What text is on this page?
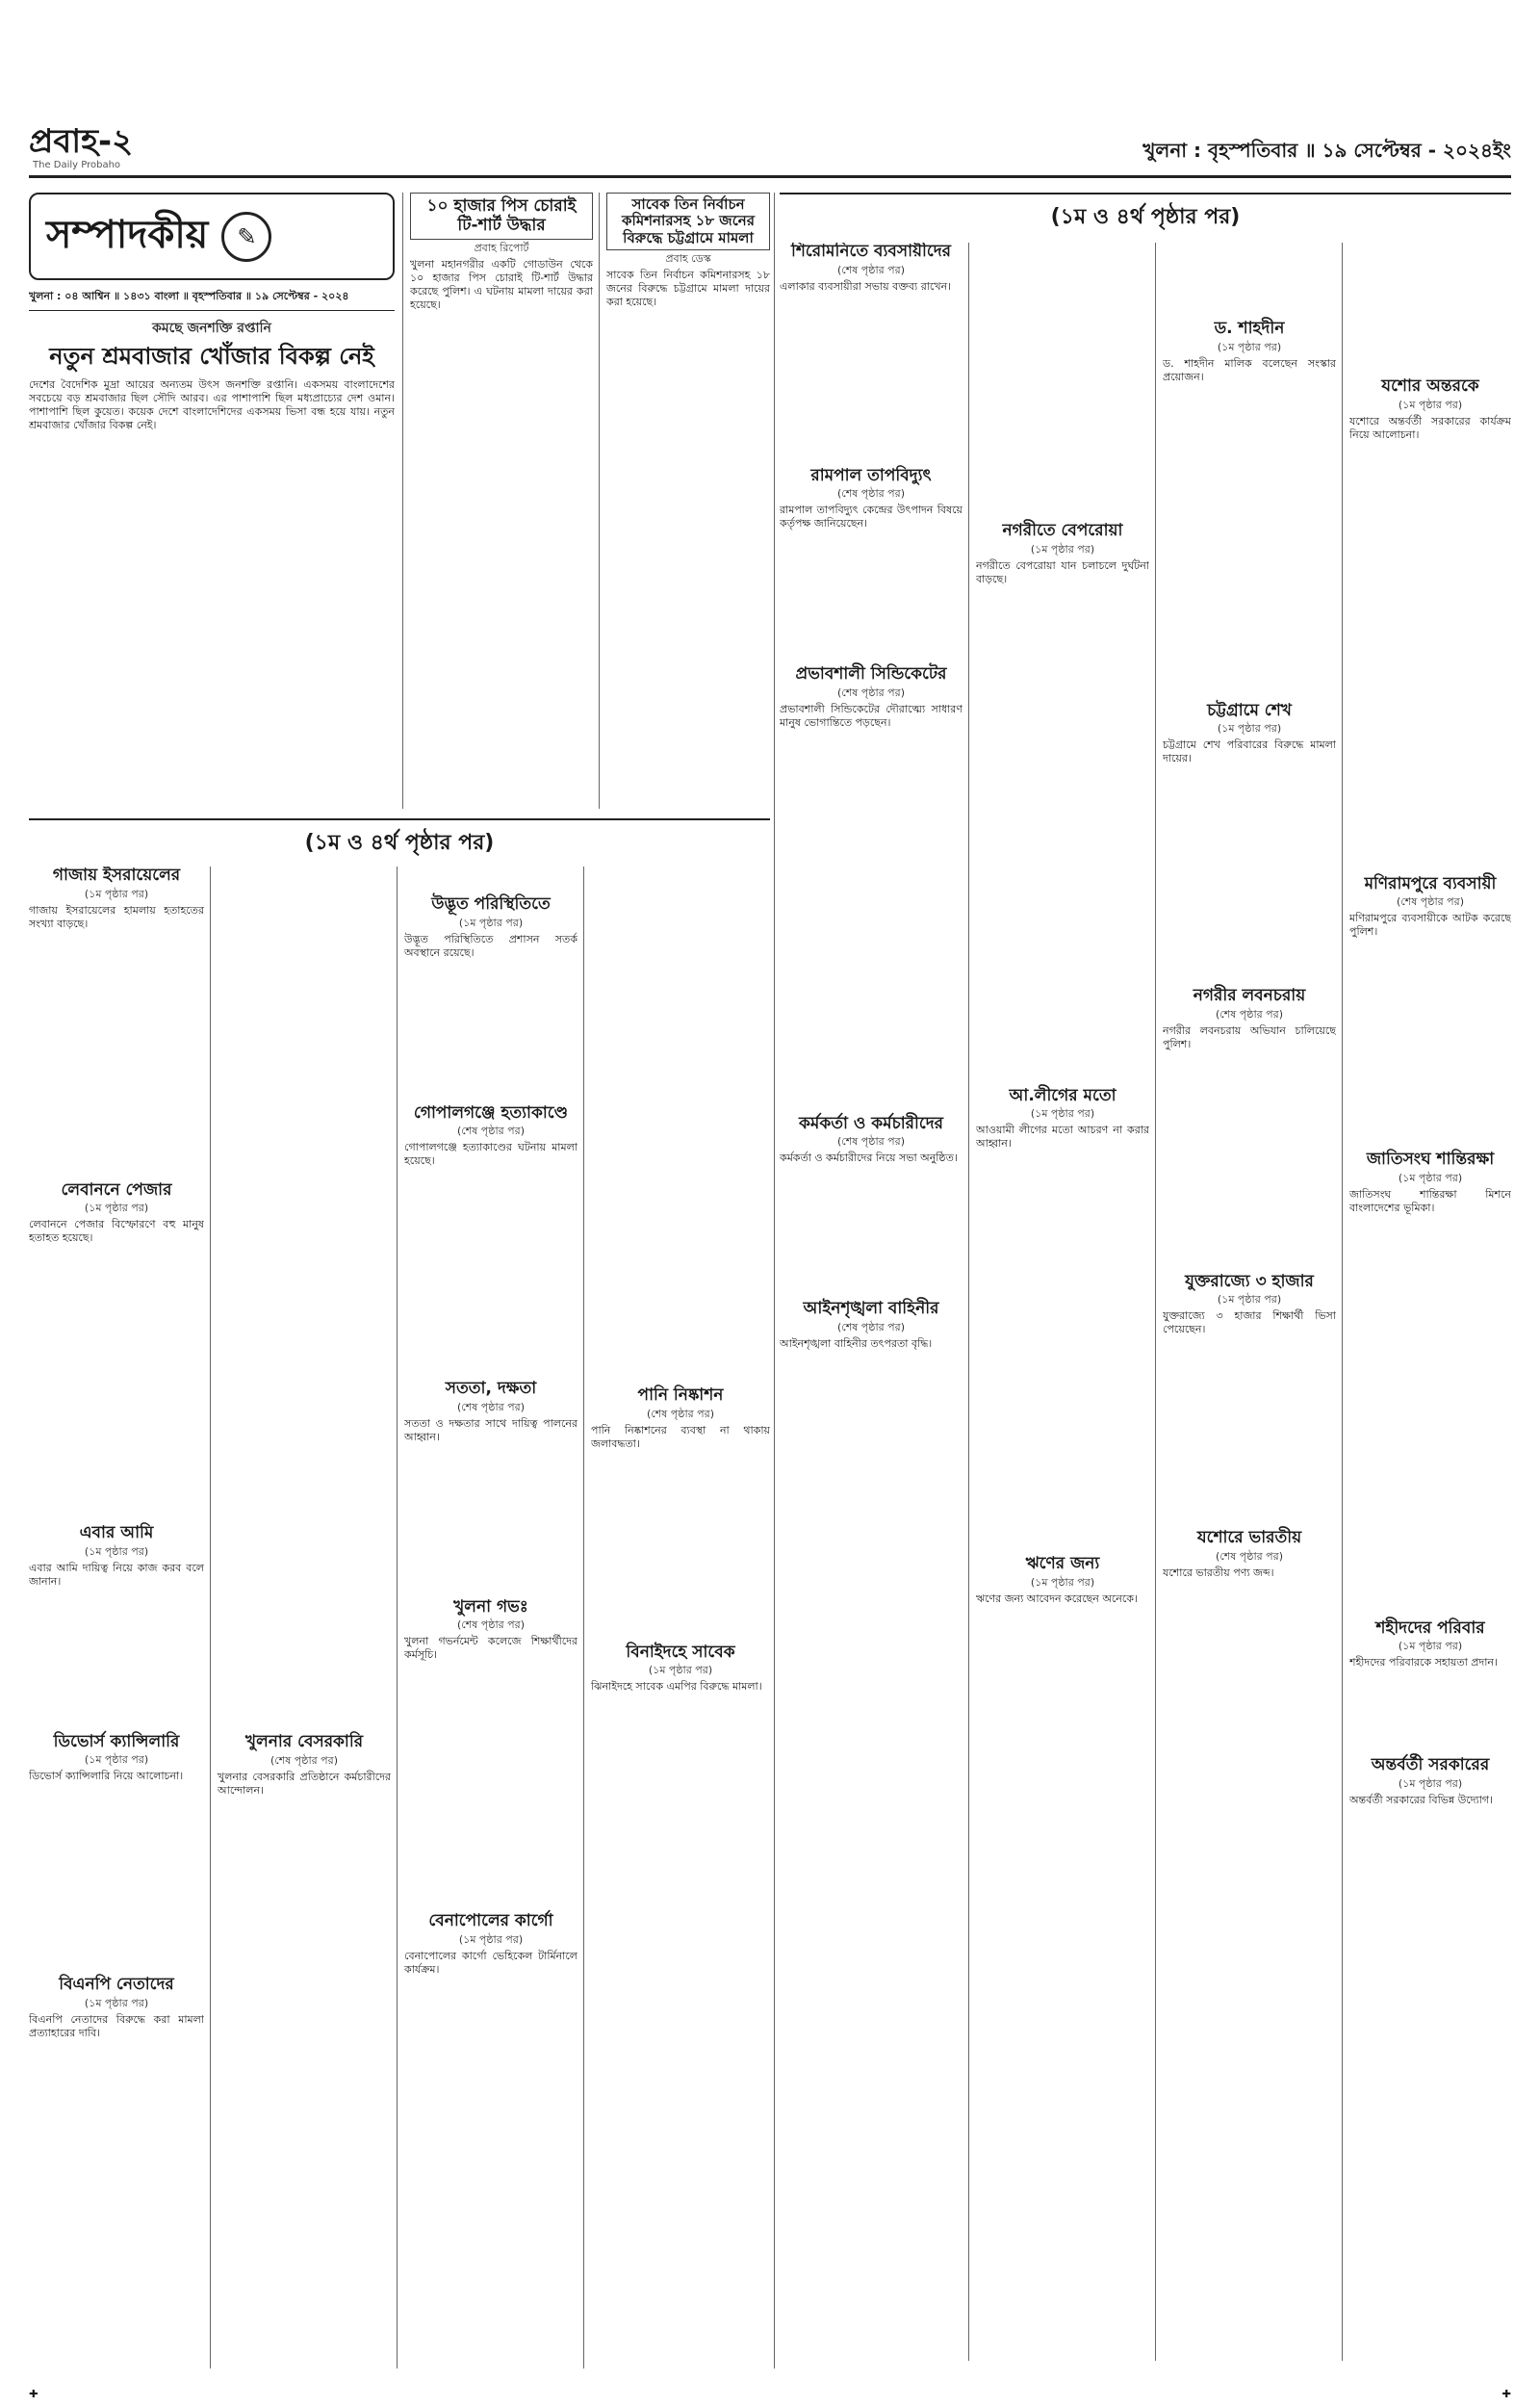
প্রবাহ-২
The Daily Probaho
খুলনা : বৃহস্পতিবার ॥ ১৯ সেপ্টেম্বর - ২০২৪ইং
(১ম ও ৪র্থ পৃষ্ঠার পর)
সম্পাদকীয়	✎
খুলনা : ০৪ আশ্বিন ॥ ১৪৩১ বাংলা ॥ বৃহস্পতিবার ॥ ১৯ সেপ্টেম্বর - ২০২৪
কমছে জনশক্তি রপ্তানি
নতুন শ্রমবাজার খোঁজার বিকল্প নেই
দেশের বৈদেশিক মুদ্রা আয়ের অন্যতম উৎস জনশক্তি রপ্তানি। একসময় বাংলাদেশের সবচেয়ে বড় শ্রমবাজার ছিল সৌদি আরব। এর পাশাপাশি ছিল মধ্যপ্রাচ্যের দেশ ওমান। পাশাপাশি ছিল কুয়েত। কয়েক দেশে বাংলাদেশিদের একসময় ভিসা বন্ধ হয়ে যায়। নতুন শ্রমবাজার খোঁজার বিকল্প নেই।
১০ হাজার পিস চোরাই টি-শার্ট উদ্ধার
প্রবাহ রিপোর্ট
খুলনা মহানগরীর একটি গোডাউন থেকে ১০ হাজার পিস চোরাই টি-শার্ট উদ্ধার করেছে পুলিশ। এ ঘটনায় মামলা দায়ের করা হয়েছে।
সাবেক তিন নির্বাচন কমিশনারসহ ১৮ জনের বিরুদ্ধে চট্টগ্রামে মামলা
প্রবাহ ডেস্ক
সাবেক তিন নির্বাচন কমিশনারসহ ১৮ জনের বিরুদ্ধে চট্টগ্রামে মামলা দায়ের করা হয়েছে।
শিরোমনিতে ব্যবসায়ীদের
(শেষ পৃষ্ঠার পর)
এলাকার ব্যবসায়ীরা সভায় বক্তব্য রাখেন।
রামপাল তাপবিদ্যুৎ
(শেষ পৃষ্ঠার পর)
রামপাল তাপবিদ্যুৎ কেন্দ্রের উৎপাদন বিষয়ে কর্তৃপক্ষ জানিয়েছেন।
প্রভাবশালী সিন্ডিকেটের
(শেষ পৃষ্ঠার পর)
প্রভাবশালী সিন্ডিকেটের দৌরাত্ম্যে সাধারণ মানুষ ভোগান্তিতে পড়ছেন।
কর্মকর্তা ও কর্মচারীদের
(শেষ পৃষ্ঠার পর)
কর্মকর্তা ও কর্মচারীদের নিয়ে সভা অনুষ্ঠিত।
আইনশৃঙ্খলা বাহিনীর
(শেষ পৃষ্ঠার পর)
আইনশৃঙ্খলা বাহিনীর তৎপরতা বৃদ্ধি।
নগরীতে বেপরোয়া
(১ম পৃষ্ঠার পর)
নগরীতে বেপরোয়া যান চলাচলে দুর্ঘটনা বাড়ছে।
আ.লীগের মতো
(১ম পৃষ্ঠার পর)
আওয়ামী লীগের মতো আচরণ না করার আহ্বান।
ঋণের জন্য
(১ম পৃষ্ঠার পর)
ঋণের জন্য আবেদন করেছেন অনেকে।
ড. শাহদীন
(১ম পৃষ্ঠার পর)
ড. শাহদীন মালিক বলেছেন সংস্কার প্রয়োজন।
চট্টগ্রামে শেখ
(১ম পৃষ্ঠার পর)
চট্টগ্রামে শেখ পরিবারের বিরুদ্ধে মামলা দায়ের।
নগরীর লবনচরায়
(শেষ পৃষ্ঠার পর)
নগরীর লবনচরায় অভিযান চালিয়েছে পুলিশ।
যুক্তরাজ্যে ৩ হাজার
(১ম পৃষ্ঠার পর)
যুক্তরাজ্যে ৩ হাজার শিক্ষার্থী ভিসা পেয়েছেন।
যশোরে ভারতীয়
(শেষ পৃষ্ঠার পর)
যশোরে ভারতীয় পণ্য জব্দ।
যশোর অন্তরকে
(১ম পৃষ্ঠার পর)
যশোরে অন্তর্বর্তী সরকারের কার্যক্রম নিয়ে আলোচনা।
মণিরামপুরে ব্যবসায়ী
(শেষ পৃষ্ঠার পর)
মণিরামপুরে ব্যবসায়ীকে আটক করেছে পুলিশ।
জাতিসংঘ শান্তিরক্ষা
(১ম পৃষ্ঠার পর)
জাতিসংঘ শান্তিরক্ষা মিশনে বাংলাদেশের ভূমিকা।
শহীদদের পরিবার
(১ম পৃষ্ঠার পর)
শহীদদের পরিবারকে সহায়তা প্রদান।
অন্তর্বর্তী সরকারের
(১ম পৃষ্ঠার পর)
অন্তর্বর্তী সরকারের বিভিন্ন উদ্যোগ।
(১ম ও ৪র্থ পৃষ্ঠার পর)
গাজায় ইসরায়েলের
(১ম পৃষ্ঠার পর)
গাজায় ইসরায়েলের হামলায় হতাহতের সংখ্যা বাড়ছে।
লেবাননে পেজার
(১ম পৃষ্ঠার পর)
লেবাননে পেজার বিস্ফোরণে বহু মানুষ হতাহত হয়েছে।
এবার আমি
(১ম পৃষ্ঠার পর)
এবার আমি দায়িত্ব নিয়ে কাজ করব বলে জানান।
ডিভোর্স ক্যান্সিলারি
(১ম পৃষ্ঠার পর)
ডিভোর্স ক্যান্সিলারি নিয়ে আলোচনা।
বিএনপি নেতাদের
(১ম পৃষ্ঠার পর)
বিএনপি নেতাদের বিরুদ্ধে করা মামলা প্রত্যাহারের দাবি।
খুলনার বেসরকারি
(শেষ পৃষ্ঠার পর)
খুলনার বেসরকারি প্রতিষ্ঠানে কর্মচারীদের আন্দোলন।
উদ্ভূত পরিস্থিতিতে
(১ম পৃষ্ঠার পর)
উদ্ভূত পরিস্থিতিতে প্রশাসন সতর্ক অবস্থানে রয়েছে।
গোপালগঞ্জে হত্যাকাণ্ডে
(শেষ পৃষ্ঠার পর)
গোপালগঞ্জে হত্যাকাণ্ডের ঘটনায় মামলা হয়েছে।
সততা, দক্ষতা
(শেষ পৃষ্ঠার পর)
সততা ও দক্ষতার সাথে দায়িত্ব পালনের আহ্বান।
খুলনা গভঃ
(শেষ পৃষ্ঠার পর)
খুলনা গভর্নমেন্ট কলেজে শিক্ষার্থীদের কর্মসূচি।
বেনাপোলের কার্গো
(১ম পৃষ্ঠার পর)
বেনাপোলের কার্গো ভেহিকেল টার্মিনালে কার্যক্রম।
পানি নিষ্কাশন
(শেষ পৃষ্ঠার পর)
পানি নিষ্কাশনের ব্যবস্থা না থাকায় জলাবদ্ধতা।
বিনাইদহে সাবেক
(১ম পৃষ্ঠার পর)
ঝিনাইদহে সাবেক এমপির বিরুদ্ধে মামলা।
✚	✚
